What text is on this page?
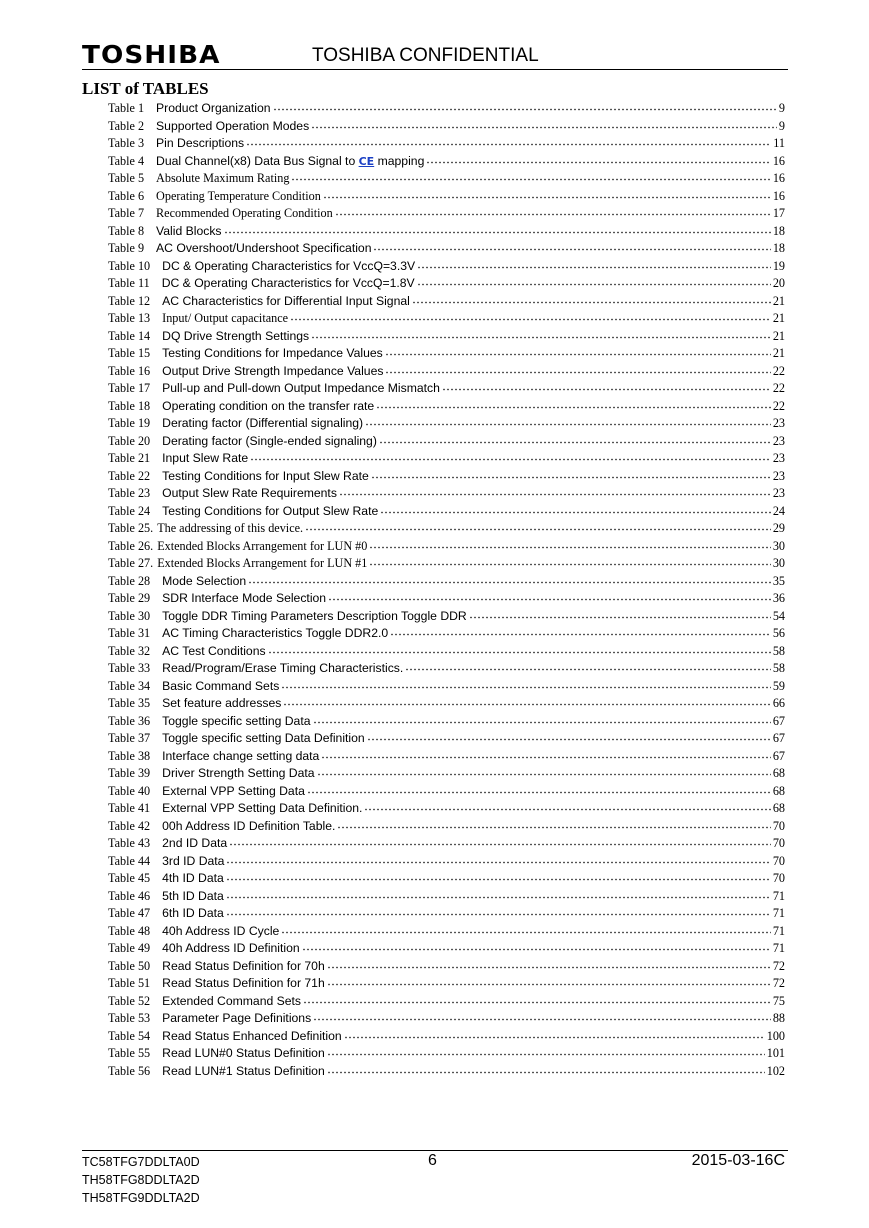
TOSHIBA	TOSHIBA CONFIDENTIAL
LIST of TABLES
Table 1 Product Organization	9
Table 2 Supported Operation Modes	9
Table 3 Pin Descriptions	11
Table 4 Dual Channel(x8) Data Bus Signal to CE mapping	16
Table 5 Absolute Maximum Rating	16
Table 6 Operating Temperature Condition	16
Table 7 Recommended Operating Condition	17
Table 8 Valid Blocks	18
Table 9 AC Overshoot/Undershoot Specification	18
Table 10 DC & Operating Characteristics for VccQ=3.3V	19
Table 11 DC & Operating Characteristics for VccQ=1.8V	20
Table 12 AC Characteristics for Differential Input Signal	21
Table 13 Input/ Output capacitance	21
Table 14 DQ Drive Strength Settings	21
Table 15 Testing Conditions for Impedance Values	21
Table 16 Output Drive Strength Impedance Values	22
Table 17 Pull-up and Pull-down Output Impedance Mismatch	22
Table 18 Operating condition on the transfer rate	22
Table 19 Derating factor (Differential signaling)	23
Table 20 Derating factor (Single-ended signaling)	23
Table 21 Input Slew Rate	23
Table 22 Testing Conditions for Input Slew Rate	23
Table 23 Output Slew Rate Requirements	23
Table 24 Testing Conditions for Output Slew Rate	24
Table 25. The addressing of this device.	29
Table 26. Extended Blocks Arrangement for LUN #0	30
Table 27. Extended Blocks Arrangement for LUN #1	30
Table 28 Mode Selection	35
Table 29 SDR Interface Mode Selection	36
Table 30 Toggle DDR Timing Parameters Description Toggle DDR	54
Table 31 AC Timing Characteristics Toggle DDR2.0	56
Table 32 AC Test Conditions	58
Table 33 Read/Program/Erase Timing Characteristics.	58
Table 34 Basic Command Sets	59
Table 35 Set feature addresses	66
Table 36 Toggle specific setting Data	67
Table 37 Toggle specific setting Data Definition	67
Table 38 Interface change setting data	67
Table 39 Driver Strength Setting Data	68
Table 40 External VPP Setting Data	68
Table 41 External VPP Setting Data Definition.	68
Table 42 00h Address ID Definition Table.	70
Table 43 2nd ID Data	70
Table 44 3rd ID Data	70
Table 45 4th ID Data	70
Table 46 5th ID Data	71
Table 47 6th ID Data	71
Table 48 40h Address ID Cycle	71
Table 49 40h Address ID Definition	71
Table 50 Read Status Definition for 70h	72
Table 51 Read Status Definition for 71h	72
Table 52 Extended Command Sets	75
Table 53 Parameter Page Definitions	88
Table 54 Read Status Enhanced Definition	100
Table 55 Read LUN#0 Status Definition	101
Table 56 Read LUN#1 Status Definition	102
TC58TFG7DDLTA0D
TH58TFG8DDLTA2D
TH58TFG9DDLTA2D
6	2015-03-16C
